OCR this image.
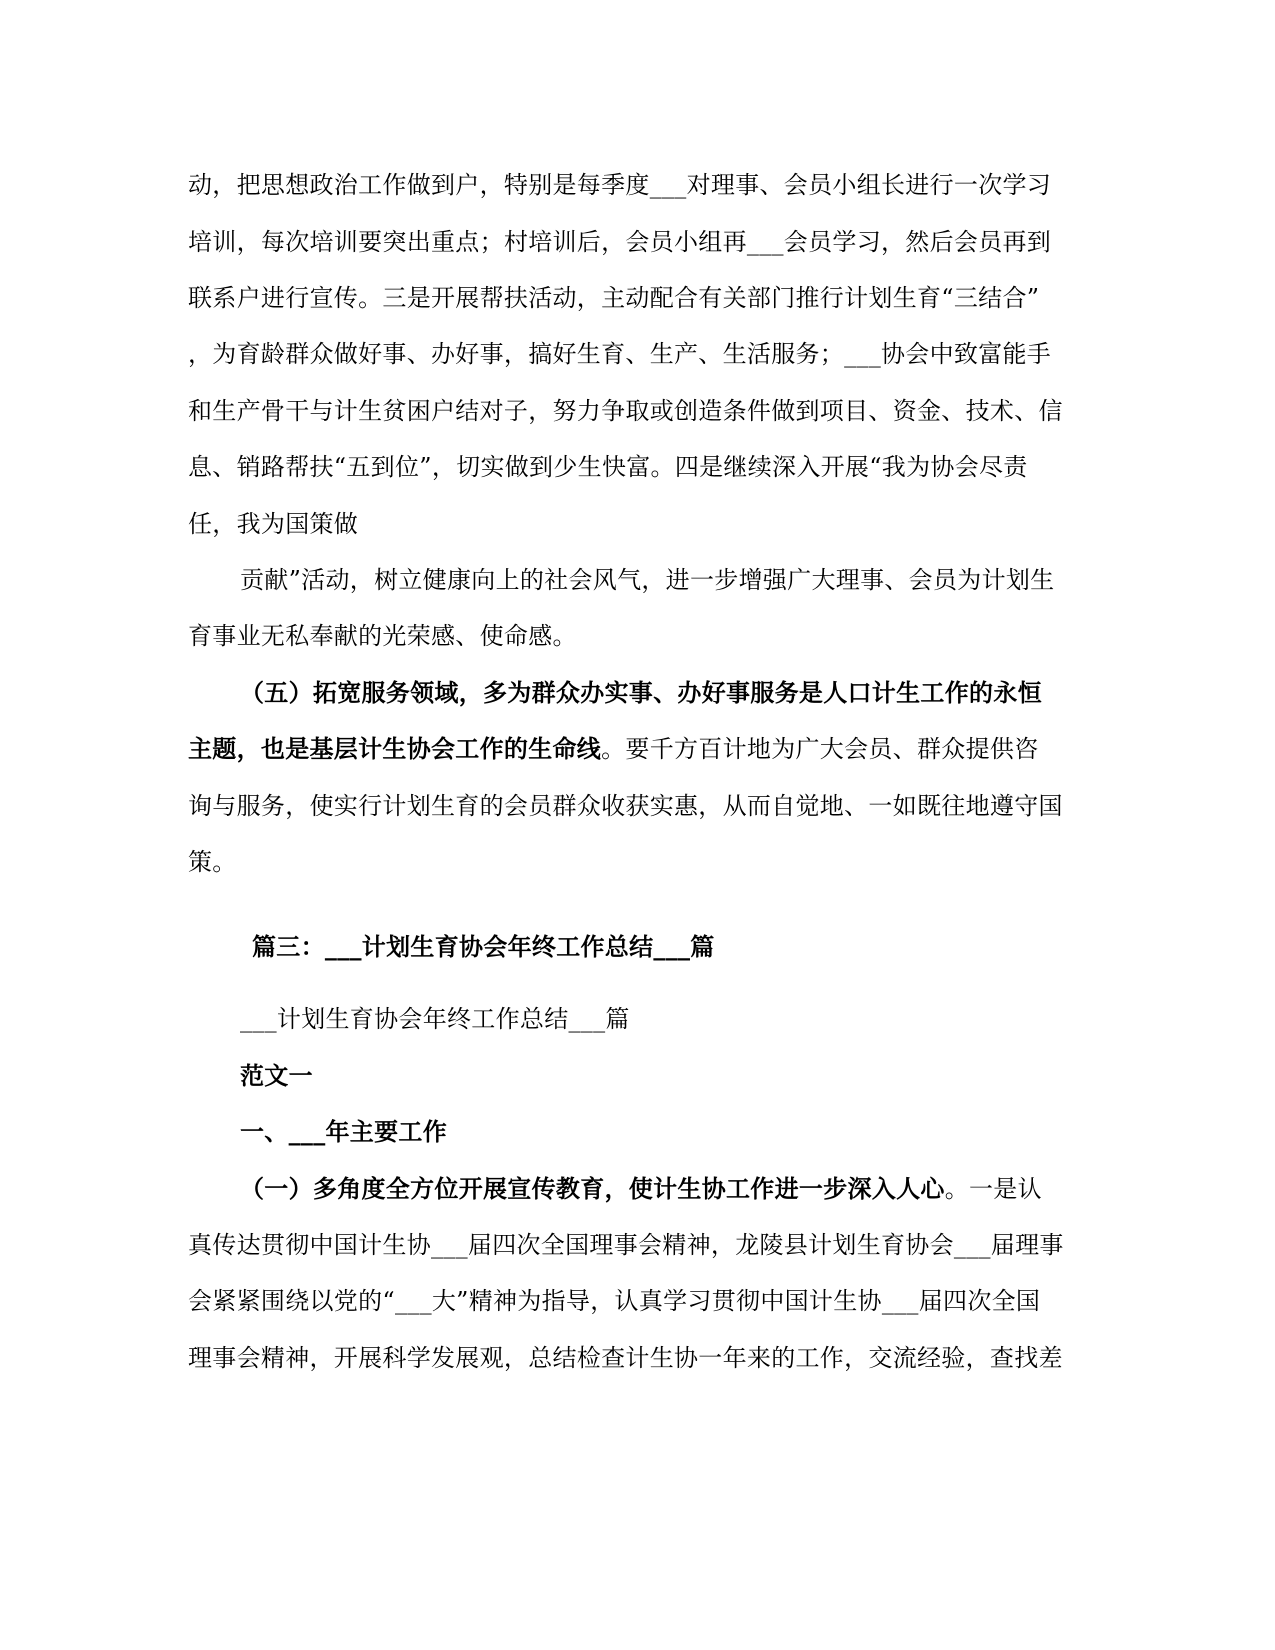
动，把思想政治工作做到户，特别是每季度___对理事、会员小组长进行一次学习
培训，每次培训要突出重点；村培训后，会员小组再___会员学习，然后会员再到
联系户进行宣传。三是开展帮扶活动，主动配合有关部门推行计划生育“三结合”
，为育龄群众做好事、办好事，搞好生育、生产、生活服务；___协会中致富能手
和生产骨干与计生贫困户结对子，努力争取或创造条件做到项目、资金、技术、信
息、销路帮扶“五到位”，切实做到少生快富。四是继续深入开展“我为协会尽责
任，我为国策做
贡献”活动，树立健康向上的社会风气，进一步增强广大理事、会员为计划生
育事业无私奉献的光荣感、使命感。
（五）拓宽服务领域，多为群众办实事、办好事服务是人口计生工作的永恒
主题，也是基层计生协会工作的生命线。要千方百计地为广大会员、群众提供咨
询与服务，使实行计划生育的会员群众收获实惠，从而自觉地、一如既往地遵守国
策。
篇三：___计划生育协会年终工作总结___篇
___计划生育协会年终工作总结___篇
范文一
一、___年主要工作
（一）多角度全方位开展宣传教育，使计生协工作进一步深入人心。一是认
真传达贯彻中国计生协___届四次全国理事会精神，龙陵县计划生育协会___届理事
会紧紧围绕以党的“___大”精神为指导，认真学习贯彻中国计生协___届四次全国
理事会精神，开展科学发展观，总结检查计生协一年来的工作，交流经验，查找差
